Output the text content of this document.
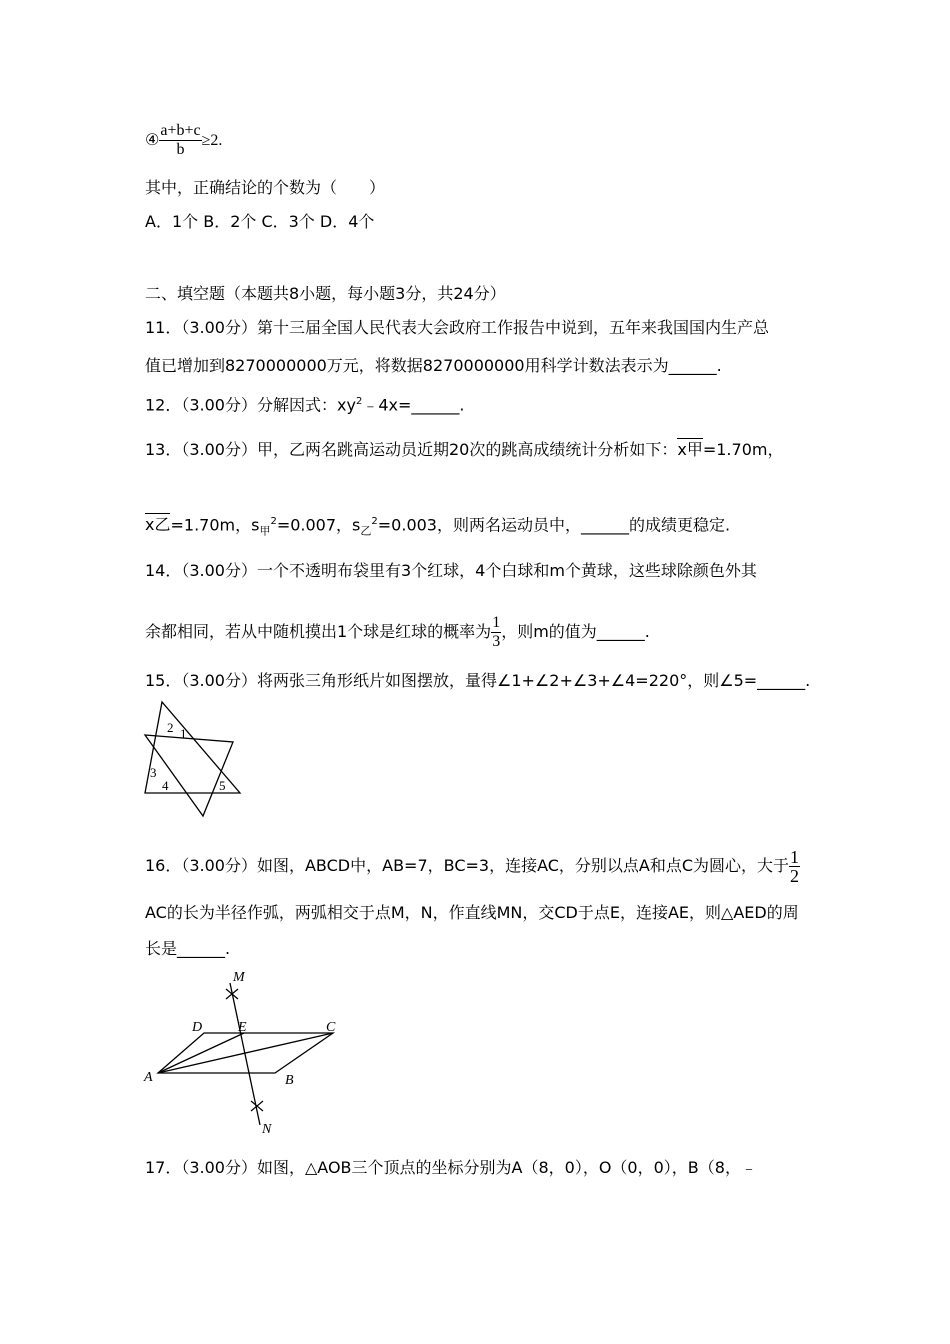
④ $\frac{a+b+c}{b} \ge 2$.
其中，正确结论的个数为（　　）
A．1个 B．2个 C．3个 D．4个
二、填空题（本题共8小题，每小题3分，共24分）
11．（3.00分）第十三届全国人民代表大会政府工作报告中说到，五年来我国国内生产总
值已增加到8270000000万元，将数据8270000000用科学计数法表示为______.
12．（3.00分）分解因式：$xy^2﹣4x=\_\_\_\_\_\_$.
13．（3.00分）甲，乙两名跳高运动员近期20次的跳高成绩统计分析如下：x甲=1.70m，
x乙=1.70m，$s_甲^2=0.007$，$s_乙^2=0.003$，则两名运动员中，______的成绩更稳定.
14．（3.00分）一个不透明布袋里有3个红球，4个白球和m个黄球，这些球除颜色外其
余都相同，若从中随机摸出1个球是红球的概率为 $\frac{1}{3}$ ，则m的值为______.
15．（3.00分）将两张三角形纸片如图摆放，量得∠1+∠2+∠3+∠4=220°，则∠5=______.
2 1
3
4	5
16．（3.00分）如图，ABCD中，AB=7，BC=3，连接AC，分别以点A和点C为圆心，大于 $\frac{1}{2}$
AC的长为半径作弧，两弧相交于点M，N，作直线MN，交CD于点E，连接AE，则△AED的周
长是______.
M
D	E	C
A	B
N
17．（3.00分）如图，△AOB三个顶点的坐标分别为A（8，0），O（0，0），B（8，﹣
